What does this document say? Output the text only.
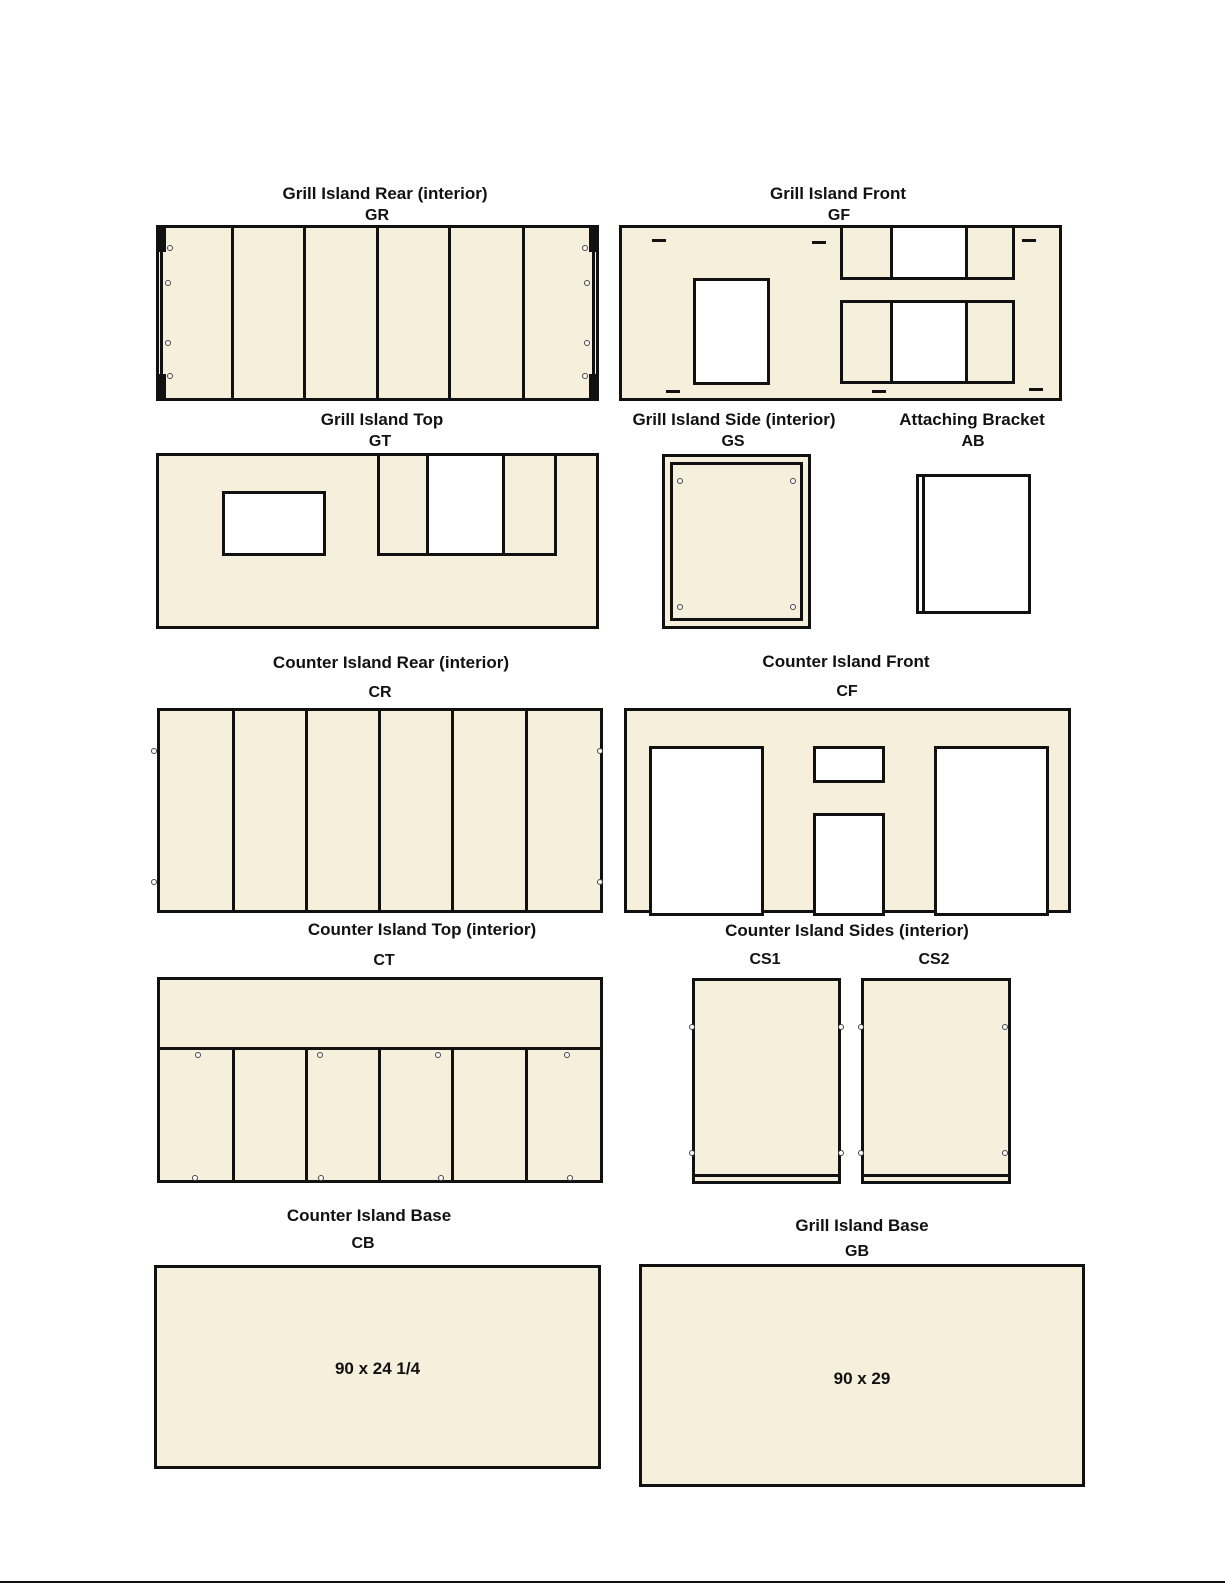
Grill Island Rear (interior)
GR
Grill Island Front
GF
Grill Island Top
GT
Grill Island Side (interior)
GS
Attaching Bracket
AB
Counter Island Rear (interior)
CR
Counter Island Front
CF
Counter Island Top (interior)
CT
Counter Island Sides (interior)
CS1	CS2
Counter Island Base
CB
90 x 24 1/4
Grill Island Base
GB
90 x 29
